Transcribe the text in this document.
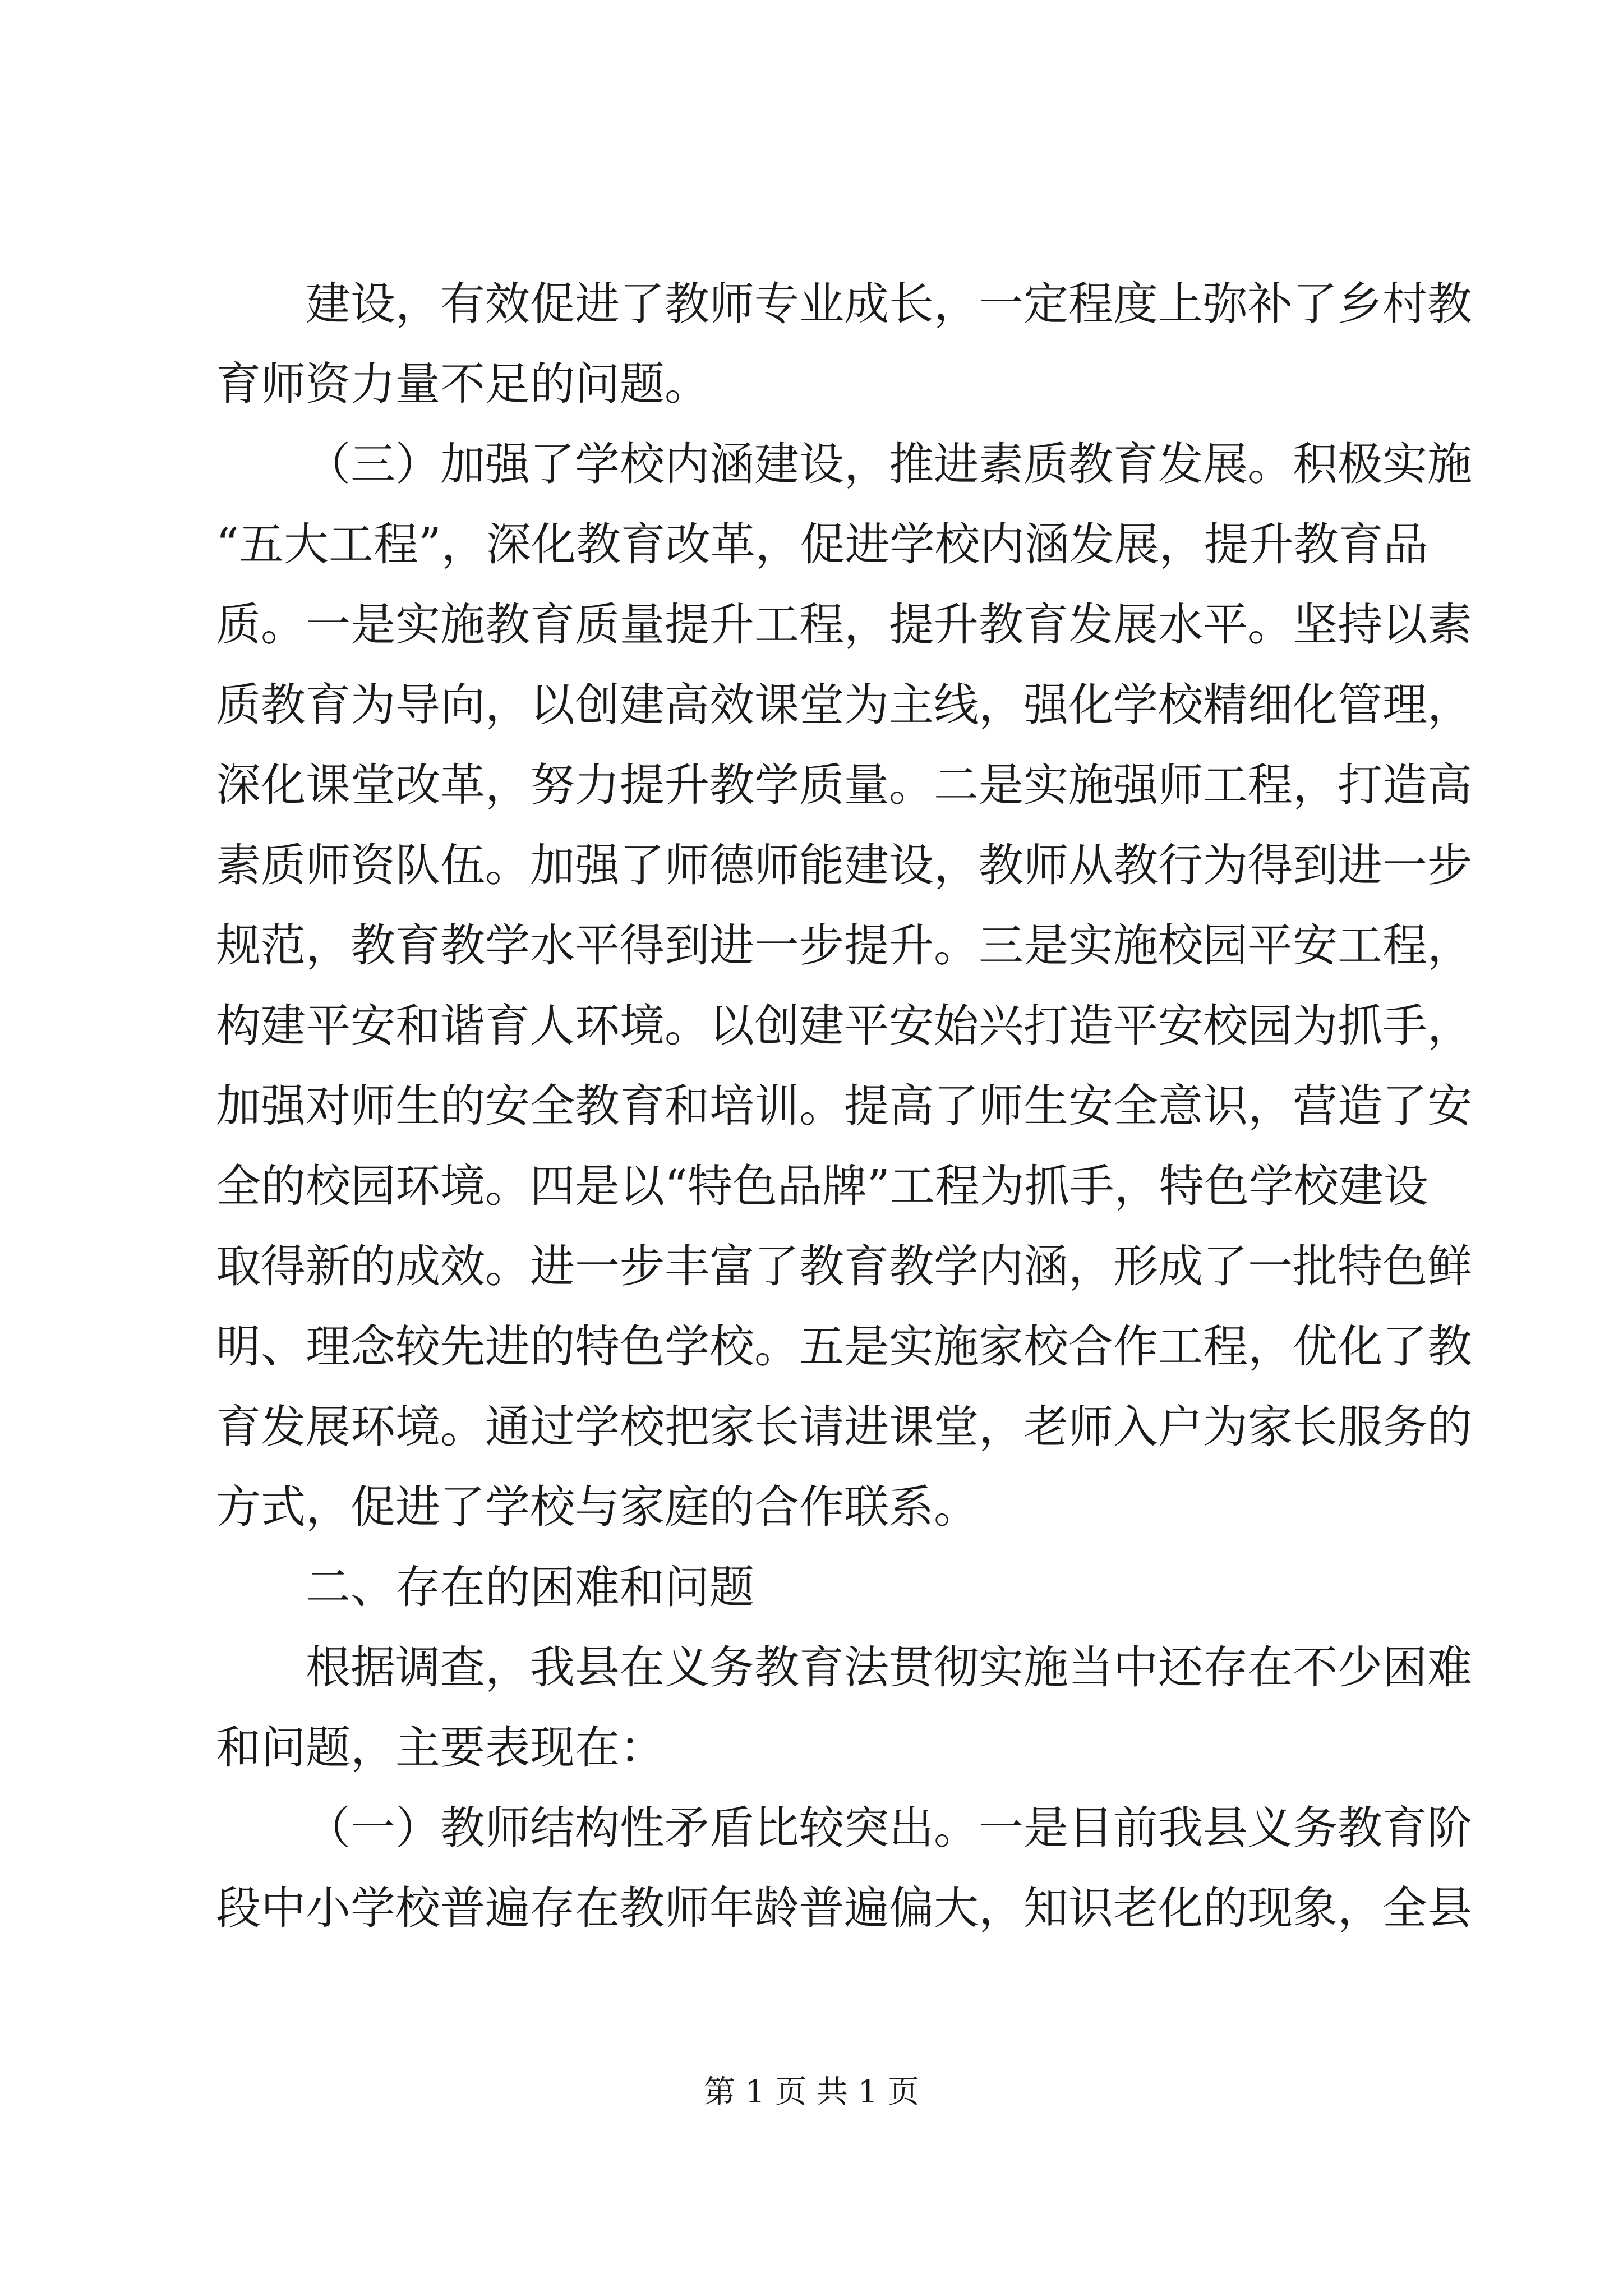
建设，有效促进了教师专业成长，一定程度上弥补了乡村教
育师资力量不足的问题。
（三）加强了学校内涵建设，推进素质教育发展。积极实施
“五大工程”，深化教育改革，促进学校内涵发展，提升教育品
质。一是实施教育质量提升工程，提升教育发展水平。坚持以素
质教育为导向，以创建高效课堂为主线，强化学校精细化管理，
深化课堂改革，努力提升教学质量。二是实施强师工程，打造高
素质师资队伍。加强了师德师能建设，教师从教行为得到进一步
规范，教育教学水平得到进一步提升。三是实施校园平安工程，
构建平安和谐育人环境。以创建平安始兴打造平安校园为抓手，
加强对师生的安全教育和培训。提高了师生安全意识，营造了安
全的校园环境。四是以“特色品牌”工程为抓手，特色学校建设
取得新的成效。进一步丰富了教育教学内涵，形成了一批特色鲜
明、理念较先进的特色学校。五是实施家校合作工程，优化了教
育发展环境。通过学校把家长请进课堂，老师入户为家长服务的
方式，促进了学校与家庭的合作联系。
二、存在的困难和问题
根据调查，我县在义务教育法贯彻实施当中还存在不少困难
和问题，主要表现在：
（一）教师结构性矛盾比较突出。一是目前我县义务教育阶
段中小学校普遍存在教师年龄普遍偏大，知识老化的现象，全县
第 1 页 共 1 页
